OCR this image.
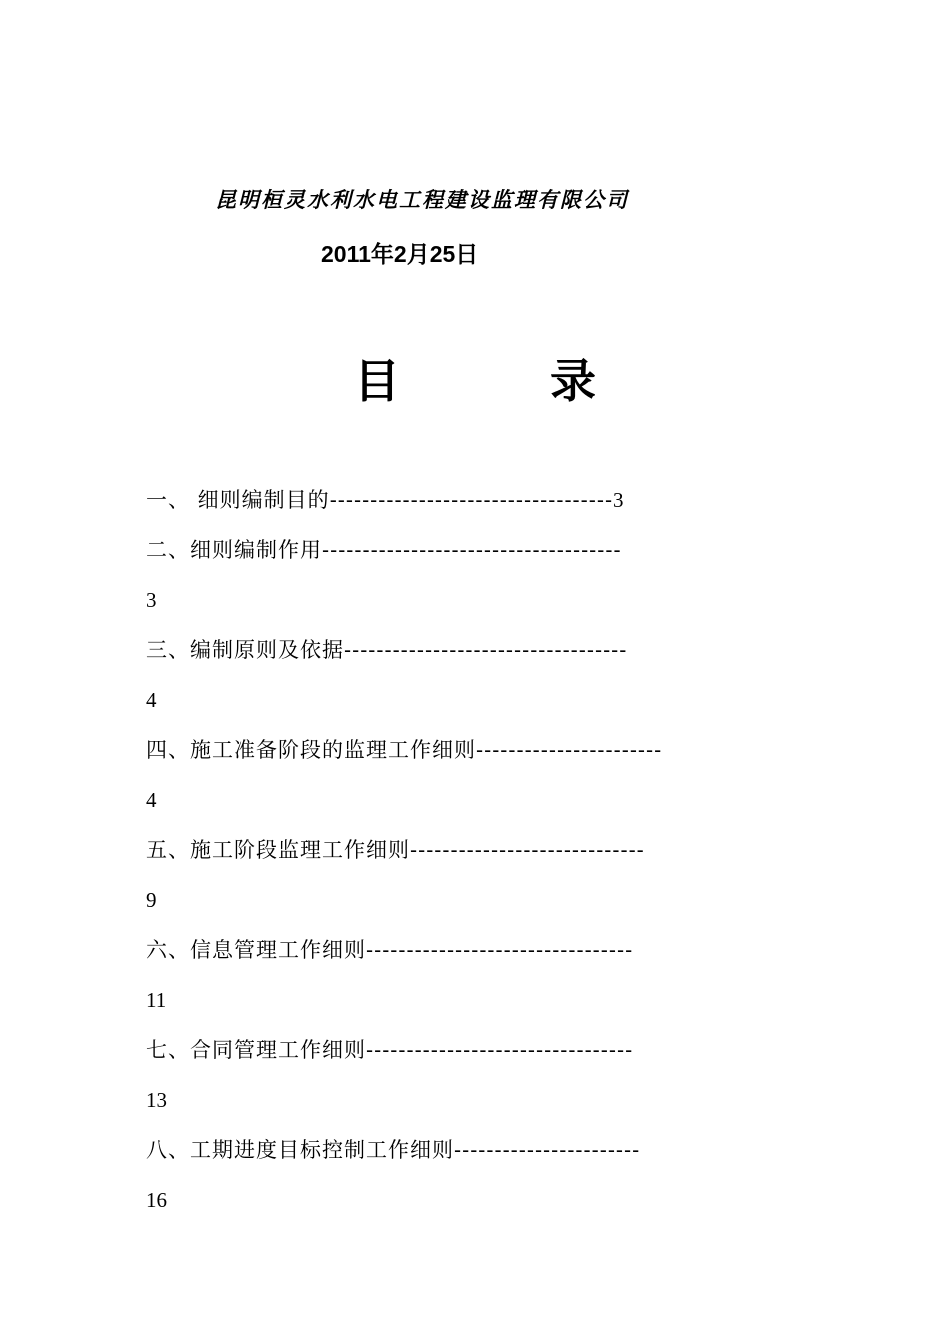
昆明桓灵水利水电工程建设监理有限公司
2011年2月25日
目	录
一、 细则编制目的-----------------------------------3
二、细则编制作用-------------------------------------
3
三、编制原则及依据-----------------------------------
4
四、施工准备阶段的监理工作细则-----------------------
4
五、施工阶段监理工作细则-----------------------------
9
六、信息管理工作细则---------------------------------
11
七、合同管理工作细则---------------------------------
13
八、工期进度目标控制工作细则-----------------------
16
